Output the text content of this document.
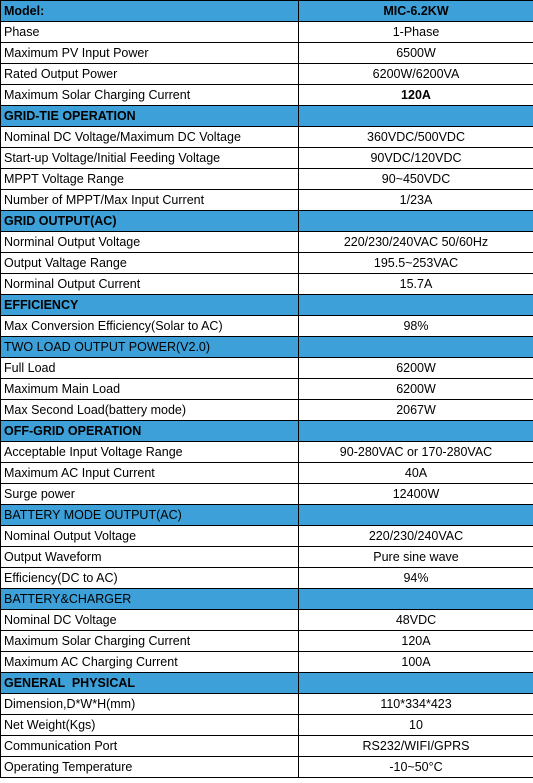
Model:	MIC-6.2KW
Phase	1-Phase
Maximum PV Input Power	6500W
Rated Output Power	6200W/6200VA
Maximum Solar Charging Current	120A
GRID-TIE OPERATION	
Nominal DC Voltage/Maximum DC Voltage	360VDC/500VDC
Start-up Voltage/Initial Feeding Voltage	90VDC/120VDC
MPPT Voltage Range	90~450VDC
Number of MPPT/Max Input Current	1/23A
GRID OUTPUT(AC)	
Norminal Output Voltage	220/230/240VAC 50/60Hz
Output Valtage Range	195.5~253VAC
Norminal Output Current	15.7A
EFFICIENCY	
Max Conversion Efficiency(Solar to AC)	98%
TWO LOAD OUTPUT POWER(V2.0)	
Full Load	6200W
Maximum Main Load	6200W
Max Second Load(battery mode)	2067W
OFF-GRID OPERATION	
Acceptable Input Voltage Range	90-280VAC or 170-280VAC
Maximum AC Input Current	40A
Surge power	12400W
BATTERY MODE OUTPUT(AC)	
Nominal Output Voltage	220/230/240VAC
Output Waveform	Pure sine wave
Efficiency(DC to AC)	94%
BATTERY&CHARGER	
Nominal DC Voltage	48VDC
Maximum Solar Charging Current	120A
Maximum AC Charging Current	100A
GENERAL  PHYSICAL	
Dimension,D*W*H(mm)	110*334*423
Net Weight(Kgs)	10
Communication Port	RS232/WIFI/GPRS
Operating Temperature	-10~50°C
